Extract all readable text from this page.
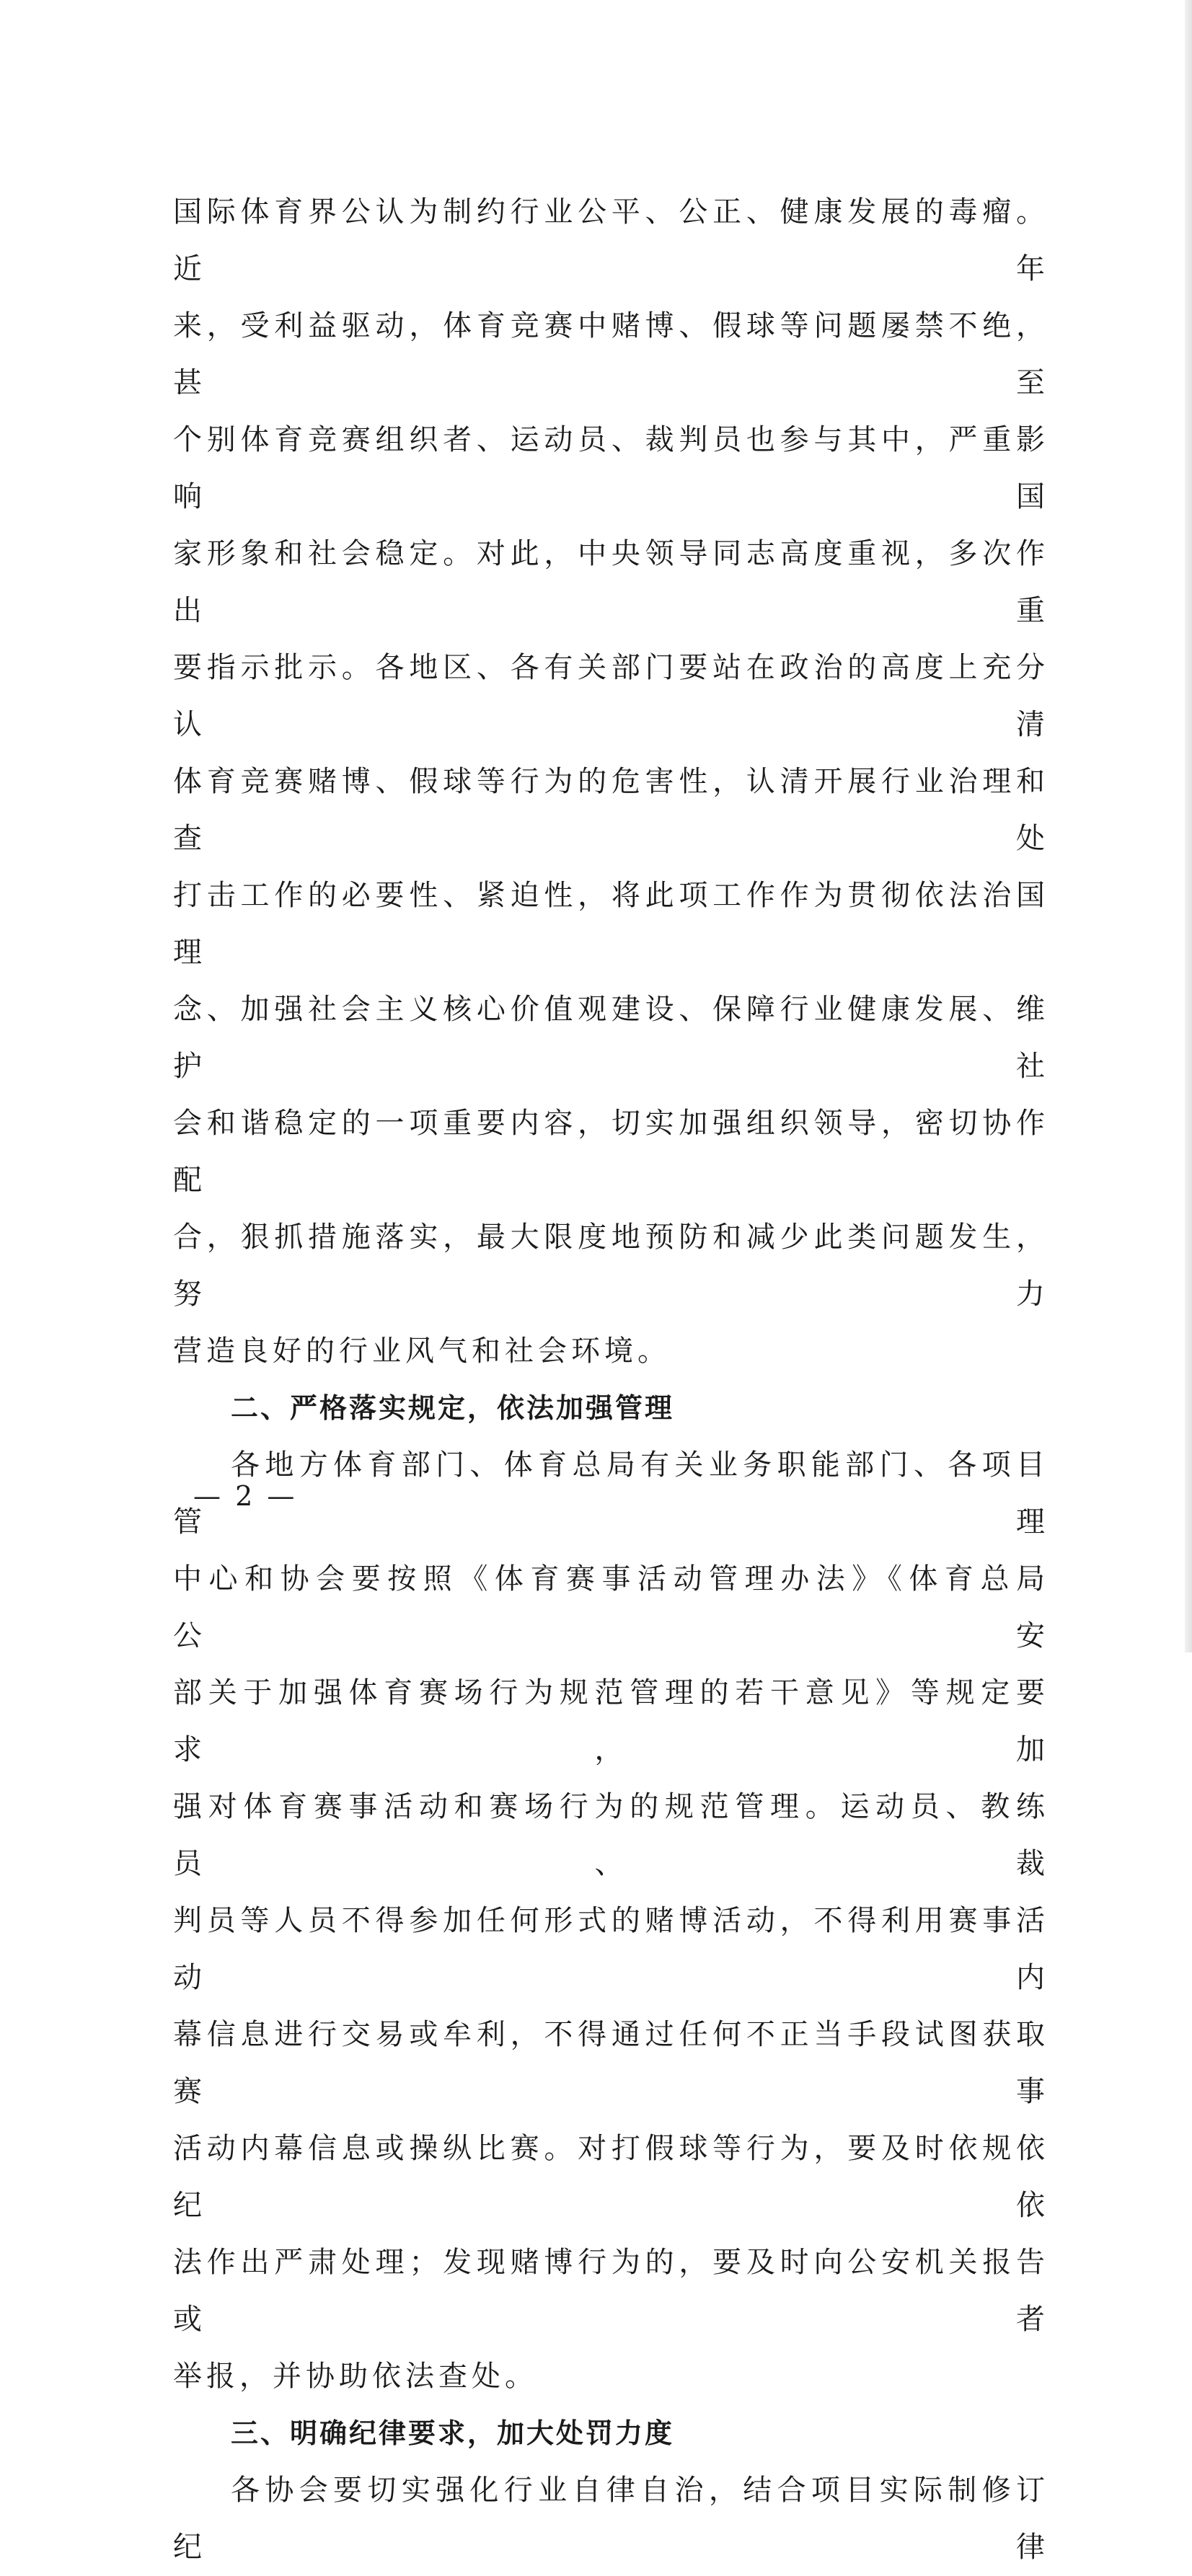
国际体育界公认为制约行业公平、公正、健康发展的毒瘤。近年

来，受利益驱动，体育竞赛中赌博、假球等问题屡禁不绝，甚至

个别体育竞赛组织者、运动员、裁判员也参与其中，严重影响国

家形象和社会稳定。对此，中央领导同志高度重视，多次作出重

要指示批示。各地区、各有关部门要站在政治的高度上充分认清

体育竞赛赌博、假球等行为的危害性，认清开展行业治理和查处

打击工作的必要性、紧迫性，将此项工作作为贯彻依法治国理

念、加强社会主义核心价值观建设、保障行业健康发展、维护社

会和谐稳定的一项重要内容，切实加强组织领导，密切协作配

合，狠抓措施落实，最大限度地预防和减少此类问题发生，努力

营造良好的行业风气和社会环境。

二、严格落实规定，依法加强管理

各地方体育部门、体育总局有关业务职能部门、各项目管理

中心和协会要按照《体育赛事活动管理办法》《体育总局　公安

部关于加强体育赛场行为规范管理的若干意见》等规定要求，加

强对体育赛事活动和赛场行为的规范管理。运动员、教练员、裁

判员等人员不得参加任何形式的赌博活动，不得利用赛事活动内

幕信息进行交易或牟利，不得通过任何不正当手段试图获取赛事

活动内幕信息或操纵比赛。对打假球等行为，要及时依规依纪依

法作出严肃处理；发现赌博行为的，要及时向公安机关报告或者

举报，并协助依法查处。

三、明确纪律要求，加大处罚力度

各协会要切实强化行业自律自治，结合项目实际制修订纪律

— 2 —
